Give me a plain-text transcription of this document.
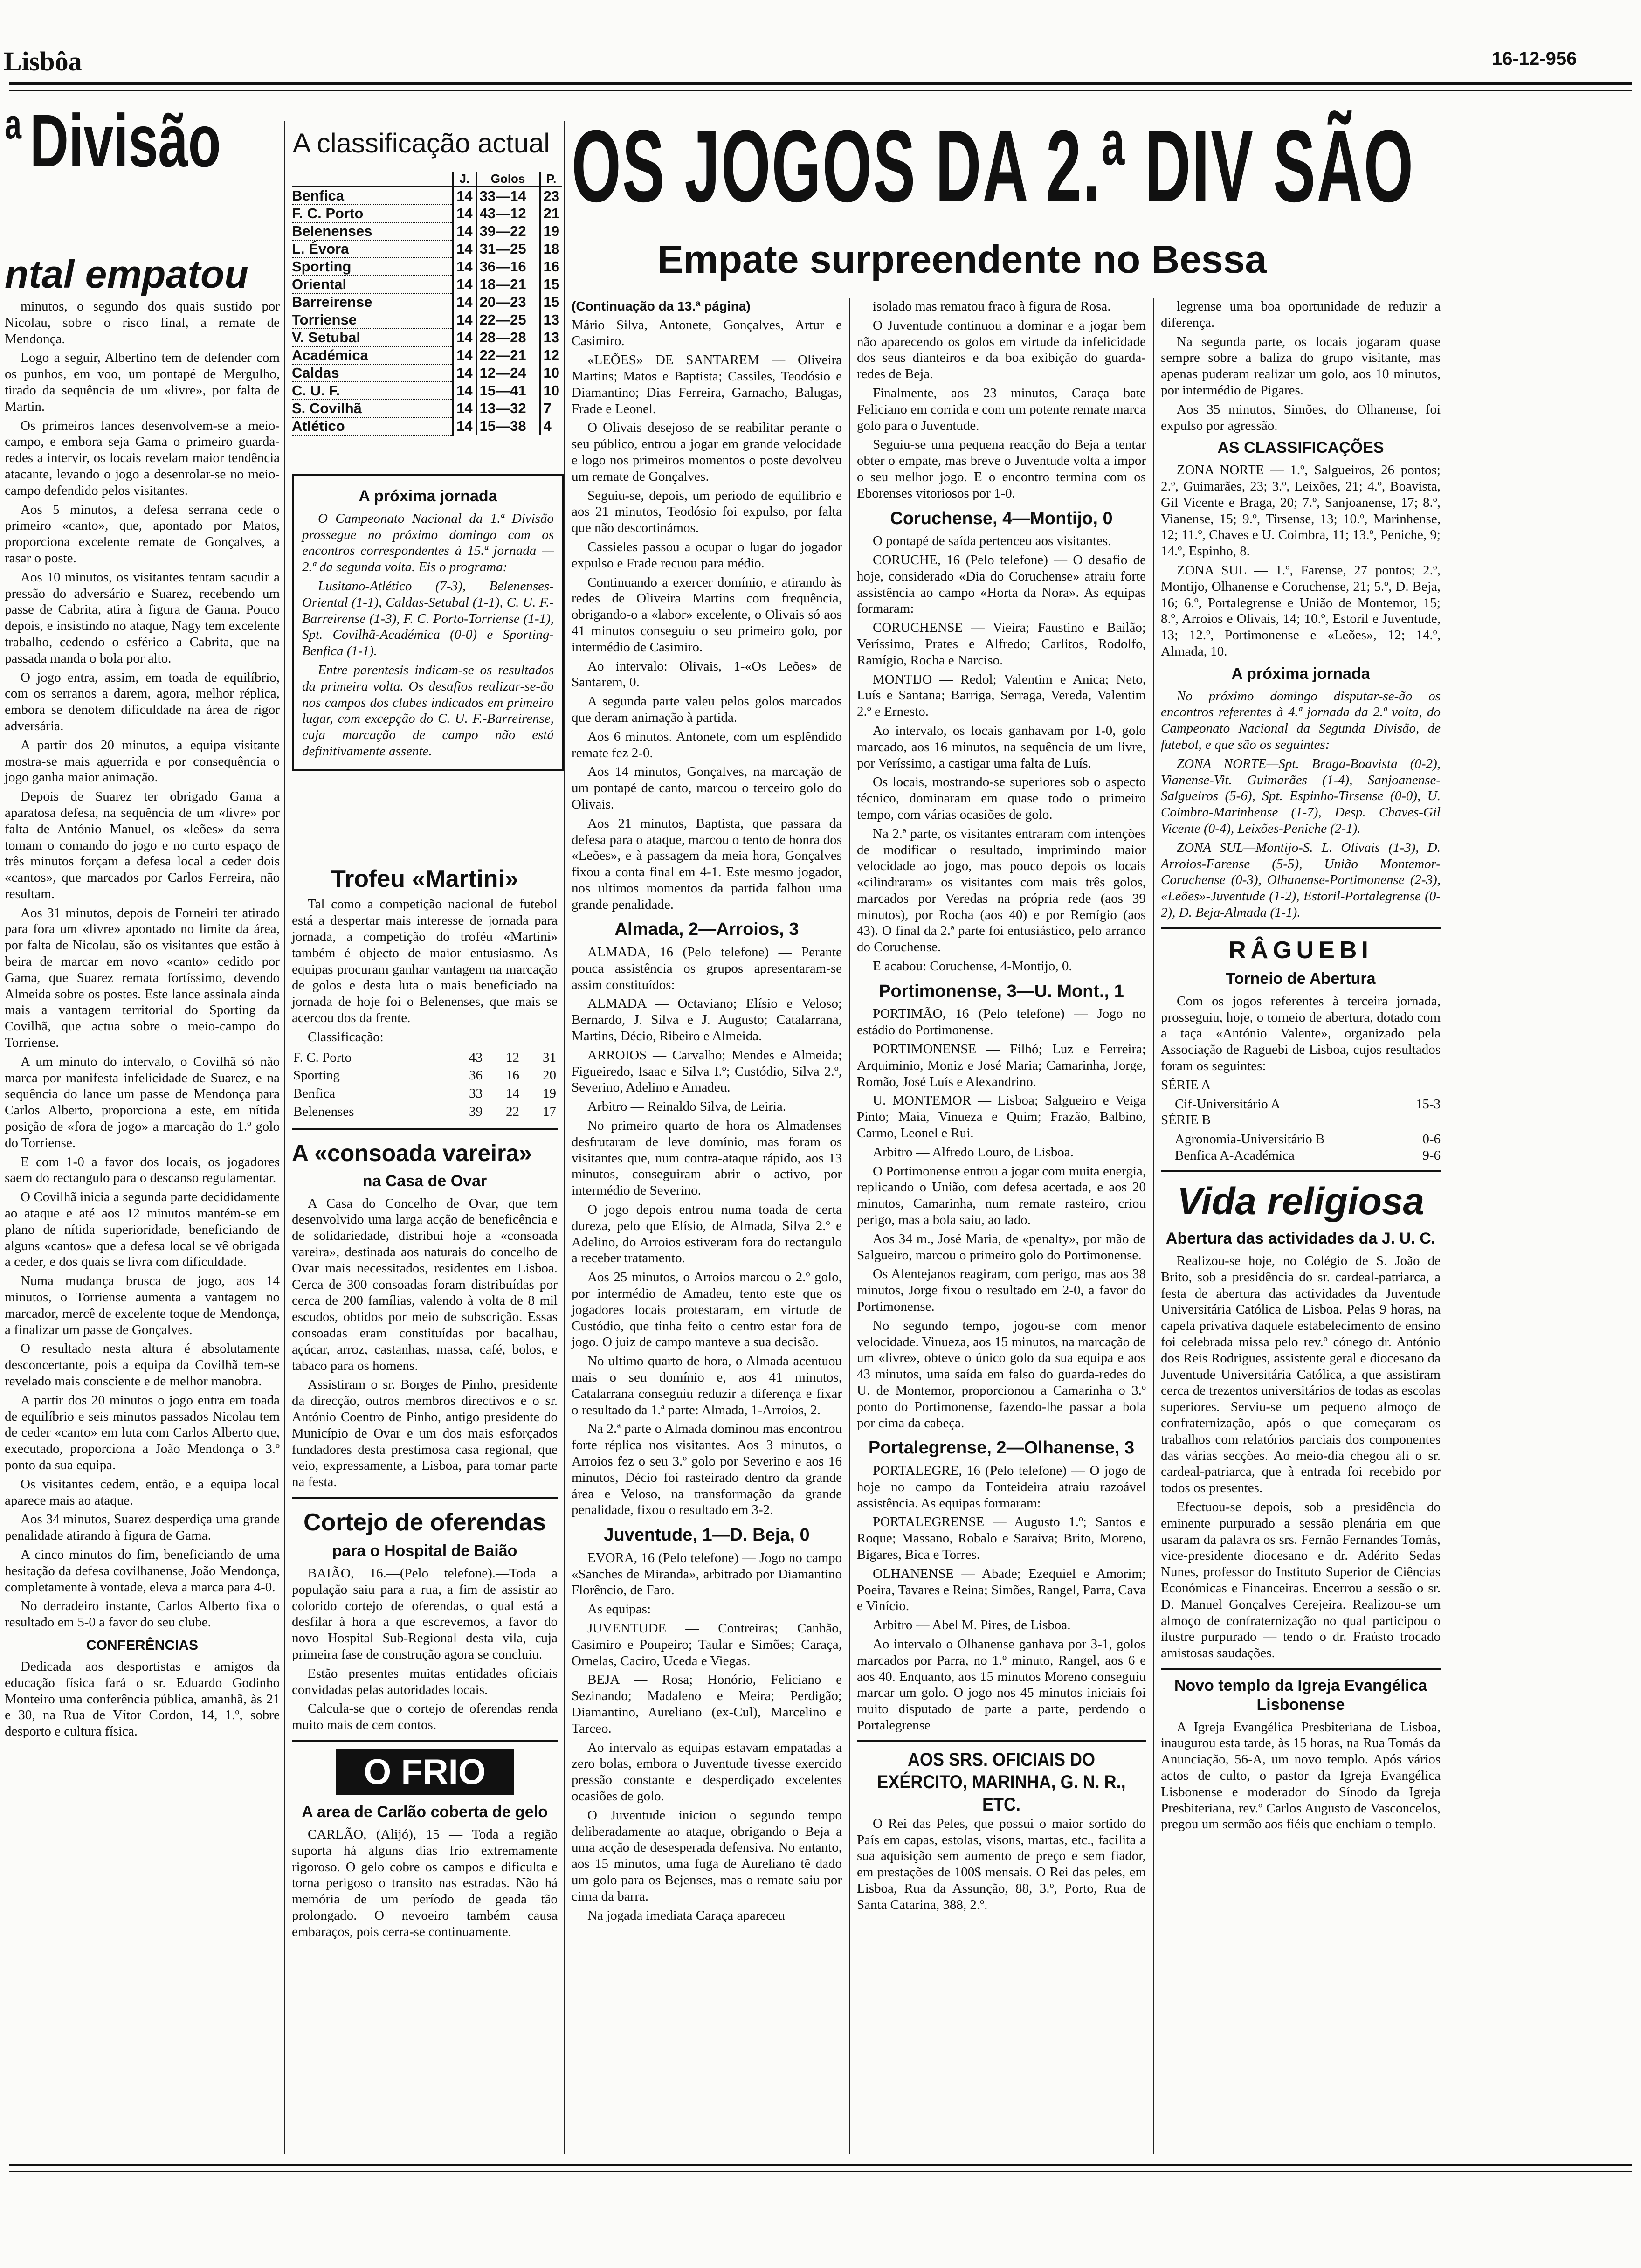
Lisbôa	16-12-956
$^a$ Divisão
ntal empatou

minutos, o segundo dos quais sustido por Nicolau, sobre o risco final, a remate de Mendonça.

Logo a seguir, Albertino tem de defender com os punhos, em voo, um pontapé de Mergulho, tirado da sequência de um «livre», por falta de Martin.

Os primeiros lances desenvolvem-se a meio-campo, e embora seja Gama o primeiro guarda-redes a intervir, os locais revelam maior tendência atacante, levando o jogo a desenrolar-se no meio-campo defendido pelos visitantes.

Aos 5 minutos, a defesa serrana cede o primeiro «canto», que, apontado por Matos, proporciona excelente remate de Gonçalves, a rasar o poste.

Aos 10 minutos, os visitantes tentam sacudir a pressão do adversário e Suarez, recebendo um passe de Cabrita, atira à figura de Gama. Pouco depois, e insistindo no ataque, Nagy tem excelente trabalho, cedendo o esférico a Cabrita, que na passada manda o bola por alto.

O jogo entra, assim, em toada de equilíbrio, com os serranos a darem, agora, melhor réplica, embora se denotem dificuldade na área de rigor adversária.

A partir dos 20 minutos, a equipa visitante mostra-se mais aguerrida e por consequência o jogo ganha maior animação.

Depois de Suarez ter obrigado Gama a aparatosa defesa, na sequência de um «livre» por falta de António Manuel, os «leões» da serra tomam o comando do jogo e no curto espaço de três minutos forçam a defesa local a ceder dois «cantos», que marcados por Carlos Ferreira, não resultam.

Aos 31 minutos, depois de Forneiri ter atirado para fora um «livre» apontado no limite da área, por falta de Nicolau, são os visitantes que estão à beira de marcar em novo «canto» cedido por Gama, que Suarez remata fortíssimo, devendo Almeida sobre os postes. Este lance assinala ainda mais a vantagem territorial do Sporting da Covilhã, que actua sobre o meio-campo do Torriense.

A um minuto do intervalo, o Covilhã só não marca por manifesta infelicidade de Suarez, e na sequência do lance um passe de Mendonça para Carlos Alberto, proporciona a este, em nítida posição de «fora de jogo» a marcação do 1.º golo do Torriense.

E com 1-0 a favor dos locais, os jogadores saem do rectangulo para o descanso regulamentar.

O Covilhã inicia a segunda parte decididamente ao ataque e até aos 12 minutos mantém-se em plano de nítida superioridade, beneficiando de alguns «cantos» que a defesa local se vê obrigada a ceder, e dos quais se livra com dificuldade.

Numa mudança brusca de jogo, aos 14 minutos, o Torriense aumenta a vantagem no marcador, mercê de excelente toque de Mendonça, a finalizar um passe de Gonçalves.

O resultado nesta altura é absolutamente desconcertante, pois a equipa da Covilhã tem-se revelado mais consciente e de melhor manobra.

A partir dos 20 minutos o jogo entra em toada de equilíbrio e seis minutos passados Nicolau tem de ceder «canto» em luta com Carlos Alberto que, executado, proporciona a João Mendonça o 3.º ponto da sua equipa.

Os visitantes cedem, então, e a equipa local aparece mais ao ataque.

Aos 34 minutos, Suarez desperdiça uma grande penalidade atirando à figura de Gama.

A cinco minutos do fim, beneficiando de uma hesitação da defesa covilhanense, João Mendonça, completamente à vontade, eleva a marca para 4-0.

No derradeiro instante, Carlos Alberto fixa o resultado em 5-0 a favor do seu clube.

CONFERÊNCIAS

Dedicada aos desportistas e amigos da educação física fará o sr. Eduardo Godinho Monteiro uma conferência pública, amanhã, às 21 e 30, na Rua de Vítor Cordon, 14, 1.º, sobre desporto e cultura física.

A classificação actual
	J.	Golos	P.
Benfica	14	33—14	23
F. C. Porto	14	43—12	21
Belenenses	14	39—22	19
L. Évora	14	31—25	18
Sporting	14	36—16	16
Oriental	14	18—21	15
Barreirense	14	20—23	15
Torriense	14	22—25	13
V. Setubal	14	28—28	13
Académica	14	22—21	12
Caldas	14	12—24	10
C. U. F.	14	15—41	10
S. Covilhã	14	13—32	7
Atlético	14	15—38	4
A próxima jornada

O Campeonato Nacional da 1.ª Divisão prossegue no próximo domingo com os encontros correspondentes à 15.ª jornada — 2.ª da segunda volta. Eis o programa:

Lusitano-Atlético (7-3), Belenenses-Oriental (1-1), Caldas-Setubal (1-1), C. U. F.-Barreirense (1-3), F. C. Porto-Torriense (1-1), Spt. Covilhã-Académica (0-0) e Sporting-Benfica (1-1).

Entre parentesis indicam-se os resultados da primeira volta. Os desafios realizar-se-ão nos campos dos clubes indicados em primeiro lugar, com excepção do C. U. F.-Barreirense, cuja marcação de campo não está definitivamente assente.

Trofeu «Martini»

Tal como a competição nacional de futebol está a despertar mais interesse de jornada para jornada, a competição do troféu «Martini» também é objecto de maior entusiasmo. As equipas procuram ganhar vantagem na marcação de golos e desta luta o mais beneficiado na jornada de hoje foi o Belenenses, que mais se acercou dos da frente.

Classificação:

F. C. Porto	43	12	31
Sporting	36	16	20
Benfica	33	14	19
Belenenses	39	22	17
A «consoada vareira»
na Casa de Ovar

A Casa do Concelho de Ovar, que tem desenvolvido uma larga acção de beneficência e de solidariedade, distribui hoje a «consoada vareira», destinada aos naturais do concelho de Ovar mais necessitados, residentes em Lisboa. Cerca de 300 consoadas foram distribuídas por cerca de 200 famílias, valendo à volta de 8 mil escudos, obtidos por meio de subscrição. Essas consoadas eram constituídas por bacalhau, açúcar, arroz, castanhas, massa, café, bolos, e tabaco para os homens.

Assistiram o sr. Borges de Pinho, presidente da direcção, outros membros directivos e o sr. António Coentro de Pinho, antigo presidente do Município de Ovar e um dos mais esforçados fundadores desta prestimosa casa regional, que veio, expressamente, a Lisboa, para tomar parte na festa.

Cortejo de oferendas
para o Hospital de Baião

BAIÃO, 16.—(Pelo telefone).—Toda a população saiu para a rua, a fim de assistir ao colorido cortejo de oferendas, o qual está a desfilar à hora a que escrevemos, a favor do novo Hospital Sub-Regional desta vila, cuja primeira fase de construção agora se concluiu.

Estão presentes muitas entidades oficiais convidadas pelas autoridades locais.

Calcula-se que o cortejo de oferendas renda muito mais de cem contos.

O FRIO
A area de Carlão coberta de gelo

CARLÃO, (Alijó), 15 — Toda a região suporta há alguns dias frio extremamente rigoroso. O gelo cobre os campos e dificulta e torna perigoso o transito nas estradas. Não há memória de um período de geada tão prolongado. O nevoeiro também causa embaraços, pois cerra-se continuamente.

OS JOGOS DA 2.ª DIV SÃO
Empate surpreendente no Bessa

(Continuação da 13.ª página)

Mário Silva, Antonete, Gonçalves, Artur e Casimiro.

«LEÕES» DE SANTAREM — Oliveira Martins; Matos e Baptista; Cassiles, Teodósio e Diamantino; Dias Ferreira, Garnacho, Balugas, Frade e Leonel.

O Olivais desejoso de se reabilitar perante o seu público, entrou a jogar em grande velocidade e logo nos primeiros momentos o poste devolveu um remate de Gonçalves.

Seguiu-se, depois, um período de equilíbrio e aos 21 minutos, Teodósio foi expulso, por falta que não descortinámos.

Cassieles passou a ocupar o lugar do jogador expulso e Frade recuou para médio.

Continuando a exercer domínio, e atirando às redes de Oliveira Martins com frequência, obrigando-o a «labor» excelente, o Olivais só aos 41 minutos conseguiu o seu primeiro golo, por intermédio de Casimiro.

Ao intervalo: Olivais, 1-«Os Leões» de Santarem, 0.

A segunda parte valeu pelos golos marcados que deram animação à partida.

Aos 6 minutos. Antonete, com um esplêndido remate fez 2-0.

Aos 14 minutos, Gonçalves, na marcação de um pontapé de canto, marcou o terceiro golo do Olivais.

Aos 21 minutos, Baptista, que passara da defesa para o ataque, marcou o tento de honra dos «Leões», e à passagem da meia hora, Gonçalves fixou a conta final em 4-1. Este mesmo jogador, nos ultimos momentos da partida falhou uma grande penalidade.

Almada, 2—Arroios, 3

ALMADA, 16 (Pelo telefone) — Perante pouca assistência os grupos apresentaram-se assim constituídos:

ALMADA — Octaviano; Elísio e Veloso; Bernardo, J. Silva e J. Augusto; Catalarrana, Martins, Décio, Ribeiro e Almeida.

ARROIOS — Carvalho; Mendes e Almeida; Figueiredo, Isaac e Silva I.º; Custódio, Silva 2.º, Severino, Adelino e Amadeu.

Arbitro — Reinaldo Silva, de Leiria.

No primeiro quarto de hora os Almadenses desfrutaram de leve domínio, mas foram os visitantes que, num contra-ataque rápido, aos 13 minutos, conseguiram abrir o activo, por intermédio de Severino.

O jogo depois entrou numa toada de certa dureza, pelo que Elísio, de Almada, Silva 2.º e Adelino, do Arroios estiveram fora do rectangulo a receber tratamento.

Aos 25 minutos, o Arroios marcou o 2.º golo, por intermédio de Amadeu, tento este que os jogadores locais protestaram, em virtude de Custódio, que tinha feito o centro estar fora de jogo. O juiz de campo manteve a sua decisão.

No ultimo quarto de hora, o Almada acentuou mais o seu domínio e, aos 41 minutos, Catalarrana conseguiu reduzir a diferença e fixar o resultado da 1.ª parte: Almada, 1-Arroios, 2.

Na 2.ª parte o Almada dominou mas encontrou forte réplica nos visitantes. Aos 3 minutos, o Arroios fez o seu 3.º golo por Severino e aos 16 minutos, Décio foi rasteirado dentro da grande área e Veloso, na transformação da grande penalidade, fixou o resultado em 3-2.

Juventude, 1—D. Beja, 0

EVORA, 16 (Pelo telefone) — Jogo no campo «Sanches de Miranda», arbitrado por Diamantino Florêncio, de Faro.

As equipas:

JUVENTUDE — Contreiras; Canhão, Casimiro e Poupeiro; Taular e Simões; Caraça, Ornelas, Caciro, Uceda e Viegas.

BEJA — Rosa; Honório, Feliciano e Sezinando; Madaleno e Meira; Perdigão; Diamantino, Aureliano (ex-Cul), Marcelino e Tarceo.

Ao intervalo as equipas estavam empatadas a zero bolas, embora o Juventude tivesse exercido pressão constante e desperdiçado excelentes ocasiões de golo.

O Juventude iniciou o segundo tempo deliberadamente ao ataque, obrigando o Beja a uma acção de desesperada defensiva. No entanto, aos 15 minutos, uma fuga de Aureliano tê dado um golo para os Bejenses, mas o remate saiu por cima da barra.

Na jogada imediata Caraça apareceu

isolado mas rematou fraco à figura de Rosa.

O Juventude continuou a dominar e a jogar bem não aparecendo os golos em virtude da infelicidade dos seus dianteiros e da boa exibição do guarda-redes de Beja.

Finalmente, aos 23 minutos, Caraça bate Feliciano em corrida e com um potente remate marca golo para o Juventude.

Seguiu-se uma pequena reacção do Beja a tentar obter o empate, mas breve o Juventude volta a impor o seu melhor jogo. E o encontro termina com os Eborenses vitoriosos por 1-0.

Coruchense, 4—Montijo, 0

O pontapé de saída pertenceu aos visitantes.

CORUCHE, 16 (Pelo telefone) — O desafio de hoje, considerado «Dia do Coruchense» atraiu forte assistência ao campo «Horta da Nora». As equipas formaram:

CORUCHENSE — Vieira; Faustino e Bailão; Veríssimo, Prates e Alfredo; Carlitos, Rodolfo, Ramígio, Rocha e Narciso.

MONTIJO — Redol; Valentim e Anica; Neto, Luís e Santana; Barriga, Serraga, Vereda, Valentim 2.º e Ernesto.

Ao intervalo, os locais ganhavam por 1-0, golo marcado, aos 16 minutos, na sequência de um livre, por Veríssimo, a castigar uma falta de Luís.

Os locais, mostrando-se superiores sob o aspecto técnico, dominaram em quase todo o primeiro tempo, com várias ocasiões de golo.

Na 2.ª parte, os visitantes entraram com intenções de modificar o resultado, imprimindo maior velocidade ao jogo, mas pouco depois os locais «cilindraram» os visitantes com mais três golos, marcados por Veredas na própria rede (aos 39 minutos), por Rocha (aos 40) e por Remígio (aos 43). O final da 2.ª parte foi entusiástico, pelo arranco do Coruchense.

E acabou: Coruchense, 4-Montijo, 0.

Portimonense, 3—U. Mont., 1

PORTIMÃO, 16 (Pelo telefone) — Jogo no estádio do Portimonense.

PORTIMONENSE — Filhó; Luz e Ferreira; Arquiminio, Moniz e José Maria; Camarinha, Jorge, Romão, José Luís e Alexandrino.

U. MONTEMOR — Lisboa; Salgueiro e Veiga Pinto; Maia, Vinueza e Quim; Frazão, Balbino, Carmo, Leonel e Rui.

Arbitro — Alfredo Louro, de Lisboa.

O Portimonense entrou a jogar com muita energia, replicando o União, com defesa acertada, e aos 20 minutos, Camarinha, num remate rasteiro, criou perigo, mas a bola saiu, ao lado.

Aos 34 m., José Maria, de «penalty», por mão de Salgueiro, marcou o primeiro golo do Portimonense.

Os Alentejanos reagiram, com perigo, mas aos 38 minutos, Jorge fixou o resultado em 2-0, a favor do Portimonense.

No segundo tempo, jogou-se com menor velocidade. Vinueza, aos 15 minutos, na marcação de um «livre», obteve o único golo da sua equipa e aos 43 minutos, uma saída em falso do guarda-redes do U. de Montemor, proporcionou a Camarinha o 3.º ponto do Portimonense, fazendo-lhe passar a bola por cima da cabeça.

Portalegrense, 2—Olhanense, 3

PORTALEGRE, 16 (Pelo telefone) — O jogo de hoje no campo da Fonteideira atraiu razoável assistência. As equipas formaram:

PORTALEGRENSE — Augusto 1.º; Santos e Roque; Massano, Robalo e Saraiva; Brito, Moreno, Bigares, Bica e Torres.

OLHANENSE — Abade; Ezequiel e Amorim; Poeira, Tavares e Reina; Simões, Rangel, Parra, Cava e Vinício.

Arbitro — Abel M. Pires, de Lisboa.

Ao intervalo o Olhanense ganhava por 3-1, golos marcados por Parra, no 1.º minuto, Rangel, aos 6 e aos 40. Enquanto, aos 15 minutos Moreno conseguiu marcar um golo. O jogo nos 45 minutos iniciais foi muito disputado de parte a parte, perdendo o Portalegrense

AOS SRS. OFICIAIS DO EXÉRCITO, MARINHA, G. N. R., ETC.

O Rei das Peles, que possui o maior sortido do País em capas, estolas, visons, martas, etc., facilita a sua aquisição sem aumento de preço e sem fiador, em prestações de 100$ mensais. O Rei das peles, em Lisboa, Rua da Assunção, 88, 3.º, Porto, Rua de Santa Catarina, 388, 2.º.

legrense uma boa oportunidade de reduzir a diferença.

Na segunda parte, os locais jogaram quase sempre sobre a baliza do grupo visitante, mas apenas puderam realizar um golo, aos 10 minutos, por intermédio de Pigares.

Aos 35 minutos, Simões, do Olhanense, foi expulso por agressão.

AS CLASSIFICAÇÕES

ZONA NORTE — 1.º, Salgueiros, 26 pontos; 2.º, Guimarães, 23; 3.º, Leixões, 21; 4.º, Boavista, Gil Vicente e Braga, 20; 7.º, Sanjoanense, 17; 8.º, Vianense, 15; 9.º, Tirsense, 13; 10.º, Marinhense, 12; 11.º, Chaves e U. Coimbra, 11; 13.º, Peniche, 9; 14.º, Espinho, 8.

ZONA SUL — 1.º, Farense, 27 pontos; 2.º, Montijo, Olhanense e Coruchense, 21; 5.º, D. Beja, 16; 6.º, Portalegrense e União de Montemor, 15; 8.º, Arroios e Olivais, 14; 10.º, Estoril e Juventude, 13; 12.º, Portimonense e «Leões», 12; 14.º, Almada, 10.

A próxima jornada

No próximo domingo disputar-se-ão os encontros referentes à 4.ª jornada da 2.ª volta, do Campeonato Nacional da Segunda Divisão, de futebol, e que são os seguintes:

ZONA NORTE—Spt. Braga-Boavista (0-2), Vianense-Vit. Guimarães (1-4), Sanjoanense-Salgueiros (5-6), Spt. Espinho-Tirsense (0-0), U. Coimbra-Marinhense (1-7), Desp. Chaves-Gil Vicente (0-4), Leixões-Peniche (2-1).

ZONA SUL—Montijo-S. L. Olivais (1-3), D. Arroios-Farense (5-5), União Montemor-Coruchense (0-3), Olhanense-Portimonense (2-3), «Leões»-Juventude (1-2), Estoril-Portalegrense (0-2), D. Beja-Almada (1-1).

RÂGUEBI
Torneio de Abertura

Com os jogos referentes à terceira jornada, prosseguiu, hoje, o torneio de abertura, dotado com a taça «António Valente», organizado pela Associação de Raguebi de Lisboa, cujos resultados foram os seguintes:

SÉRIE A

Cif-Universitário A	15-3

SÉRIE B

Agronomia-Universitário B	0-6
Benfica A-Académica	9-6
Vida religiosa
Abertura das actividades da J. U. C.

Realizou-se hoje, no Colégio de S. João de Brito, sob a presidência do sr. cardeal-patriarca, a festa de abertura das actividades da Juventude Universitária Católica de Lisboa. Pelas 9 horas, na capela privativa daquele estabelecimento de ensino foi celebrada missa pelo rev.º cónego dr. António dos Reis Rodrigues, assistente geral e diocesano da Juventude Universitária Católica, a que assistiram cerca de trezentos universitários de todas as escolas superiores. Serviu-se um pequeno almoço de confraternização, após o que começaram os trabalhos com relatórios parciais dos componentes das várias secções. Ao meio-dia chegou ali o sr. cardeal-patriarca, que à entrada foi recebido por todos os presentes.

Efectuou-se depois, sob a presidência do eminente purpurado a sessão plenária em que usaram da palavra os srs. Fernão Fernandes Tomás, vice-presidente diocesano e dr. Adérito Sedas Nunes, professor do Instituto Superior de Ciências Económicas e Financeiras. Encerrou a sessão o sr. D. Manuel Gonçalves Cerejeira. Realizou-se um almoço de confraternização no qual participou o ilustre purpurado — tendo o dr. Fraústo trocado amistosas saudações.

Novo templo da Igreja Evangélica Lisbonense

A Igreja Evangélica Presbiteriana de Lisboa, inaugurou esta tarde, às 15 horas, na Rua Tomás da Anunciação, 56-A, um novo templo. Após vários actos de culto, o pastor da Igreja Evangélica Lisbonense e moderador do Sínodo da Igreja Presbiteriana, rev.º Carlos Augusto de Vasconcelos, pregou um sermão aos fiéis que enchiam o templo.
